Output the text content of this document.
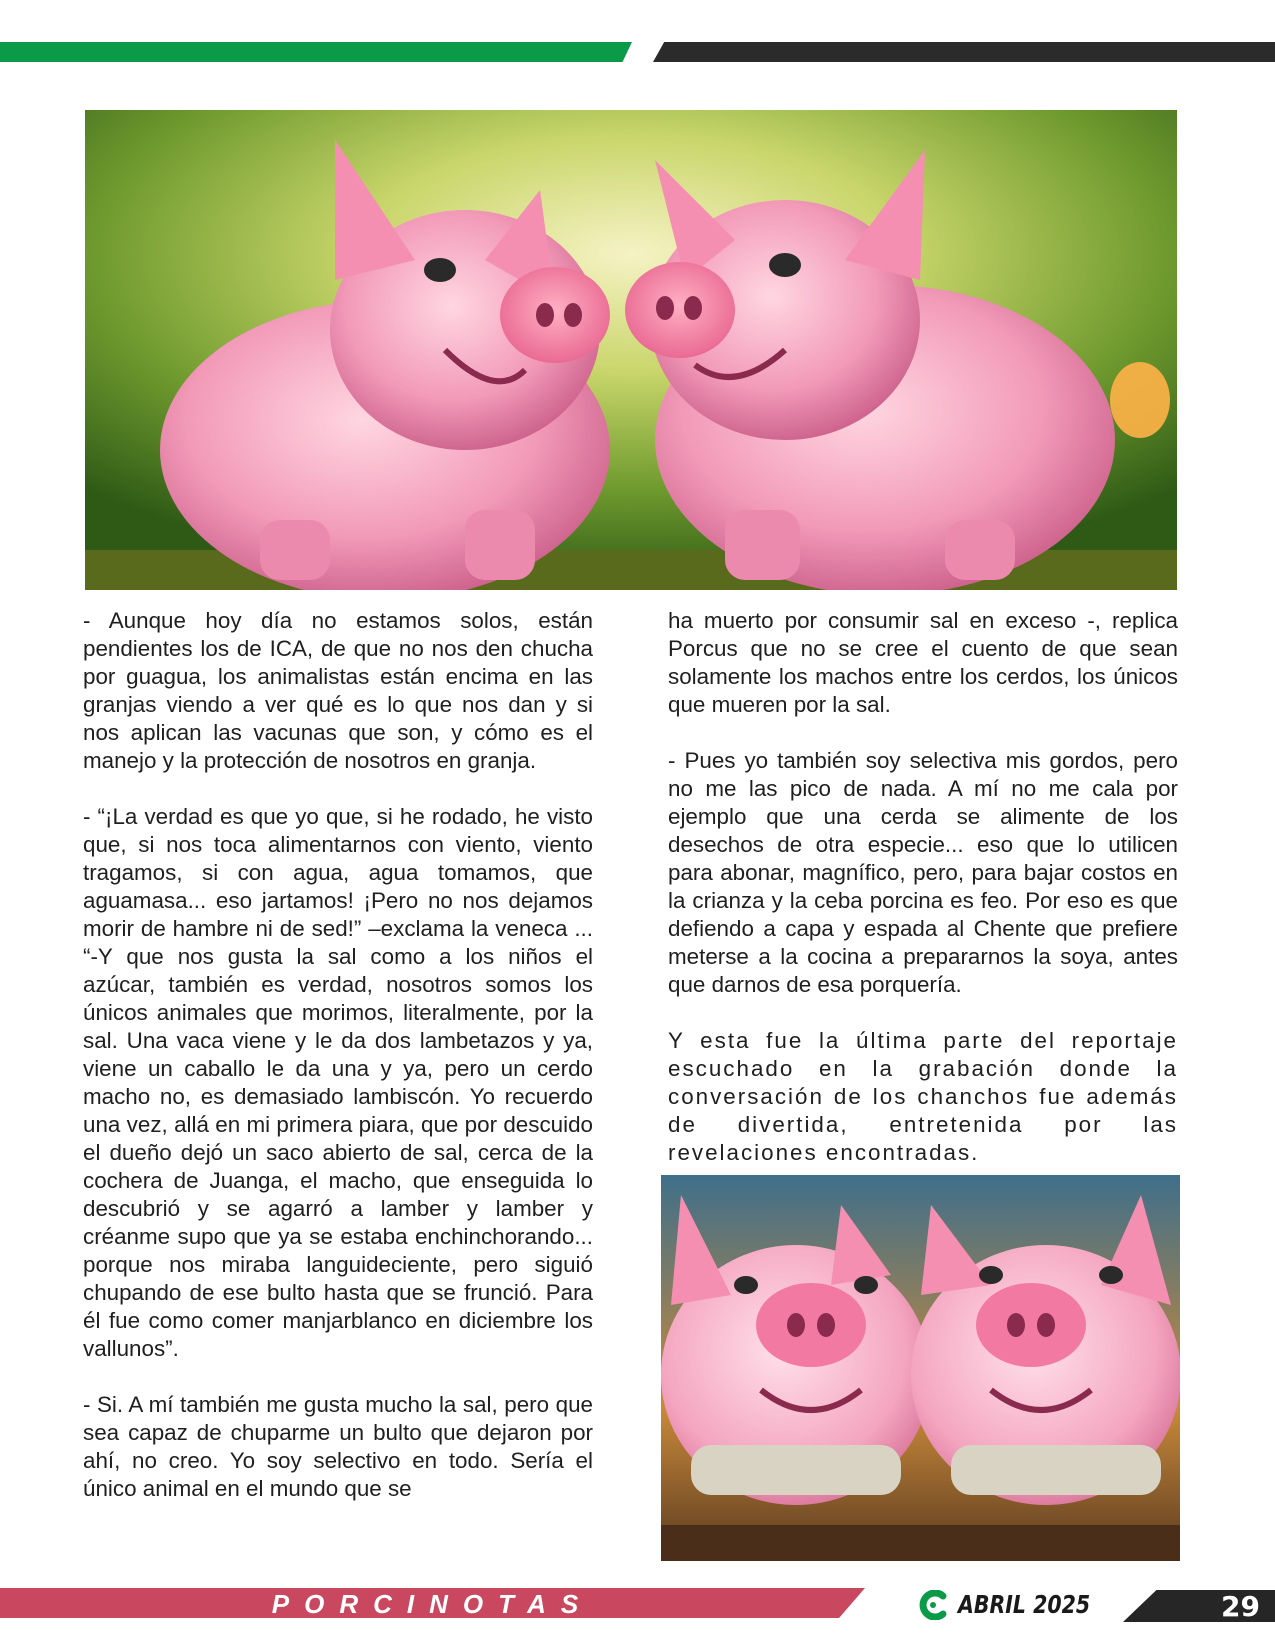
- Aunque hoy día no estamos solos, están pendientes los de ICA, de que no nos den chucha por guagua, los animalistas están encima en las granjas viendo a ver qué es lo que nos dan y si nos aplican las vacunas que son, y cómo es el manejo y la protección de nosotros en granja.

- “¡La verdad es que yo que, si he rodado, he visto que, si nos toca alimentarnos con viento, viento tragamos, si con agua, agua tomamos, que aguamasa... eso jartamos! ¡Pero no nos dejamos morir de hambre ni de sed!” –exclama la veneca ... “-Y que nos gusta la sal como a los niños el azúcar, también es verdad, nosotros somos los únicos animales que morimos, literalmente, por la sal. Una vaca viene y le da dos lambetazos y ya, viene un caballo le da una y ya, pero un cerdo macho no, es demasiado lambiscón. Yo recuerdo una vez, allá en mi primera piara, que por descuido el dueño dejó un saco abierto de sal, cerca de la cochera de Juanga, el macho, que enseguida lo descubrió y se agarró a lamber y lamber y créanme supo que ya se estaba enchinchorando... porque nos miraba languideciente, pero siguió chupando de ese bulto hasta que se frunció. Para él fue como comer manjarblanco en diciembre los vallunos”.

- Si. A mí también me gusta mucho la sal, pero que sea capaz de chuparme un bulto que dejaron por ahí, no creo. Yo soy selectivo en todo. Sería el único animal en el mundo que se

ha muerto por consumir sal en exceso -, replica Porcus que no se cree el cuento de que sean solamente los machos entre los cerdos, los únicos que mueren por la sal.

- Pues yo también soy selectiva mis gordos, pero no me las pico de nada. A mí no me cala por ejemplo que una cerda se alimente de los desechos de otra especie... eso que lo utilicen para abonar, magnífico, pero, para bajar costos en la crianza y la ceba porcina es feo. Por eso es que defiendo a capa y espada al Chente que prefiere meterse a la cocina a prepararnos la soya, antes que darnos de esa porquería.

Y esta fue la última parte del reportaje escuchado en la grabación donde la conversación de los chanchos fue además de divertida, entretenida por las revelaciones encontradas.

PORCINOTAS	ABRIL 2025	29
